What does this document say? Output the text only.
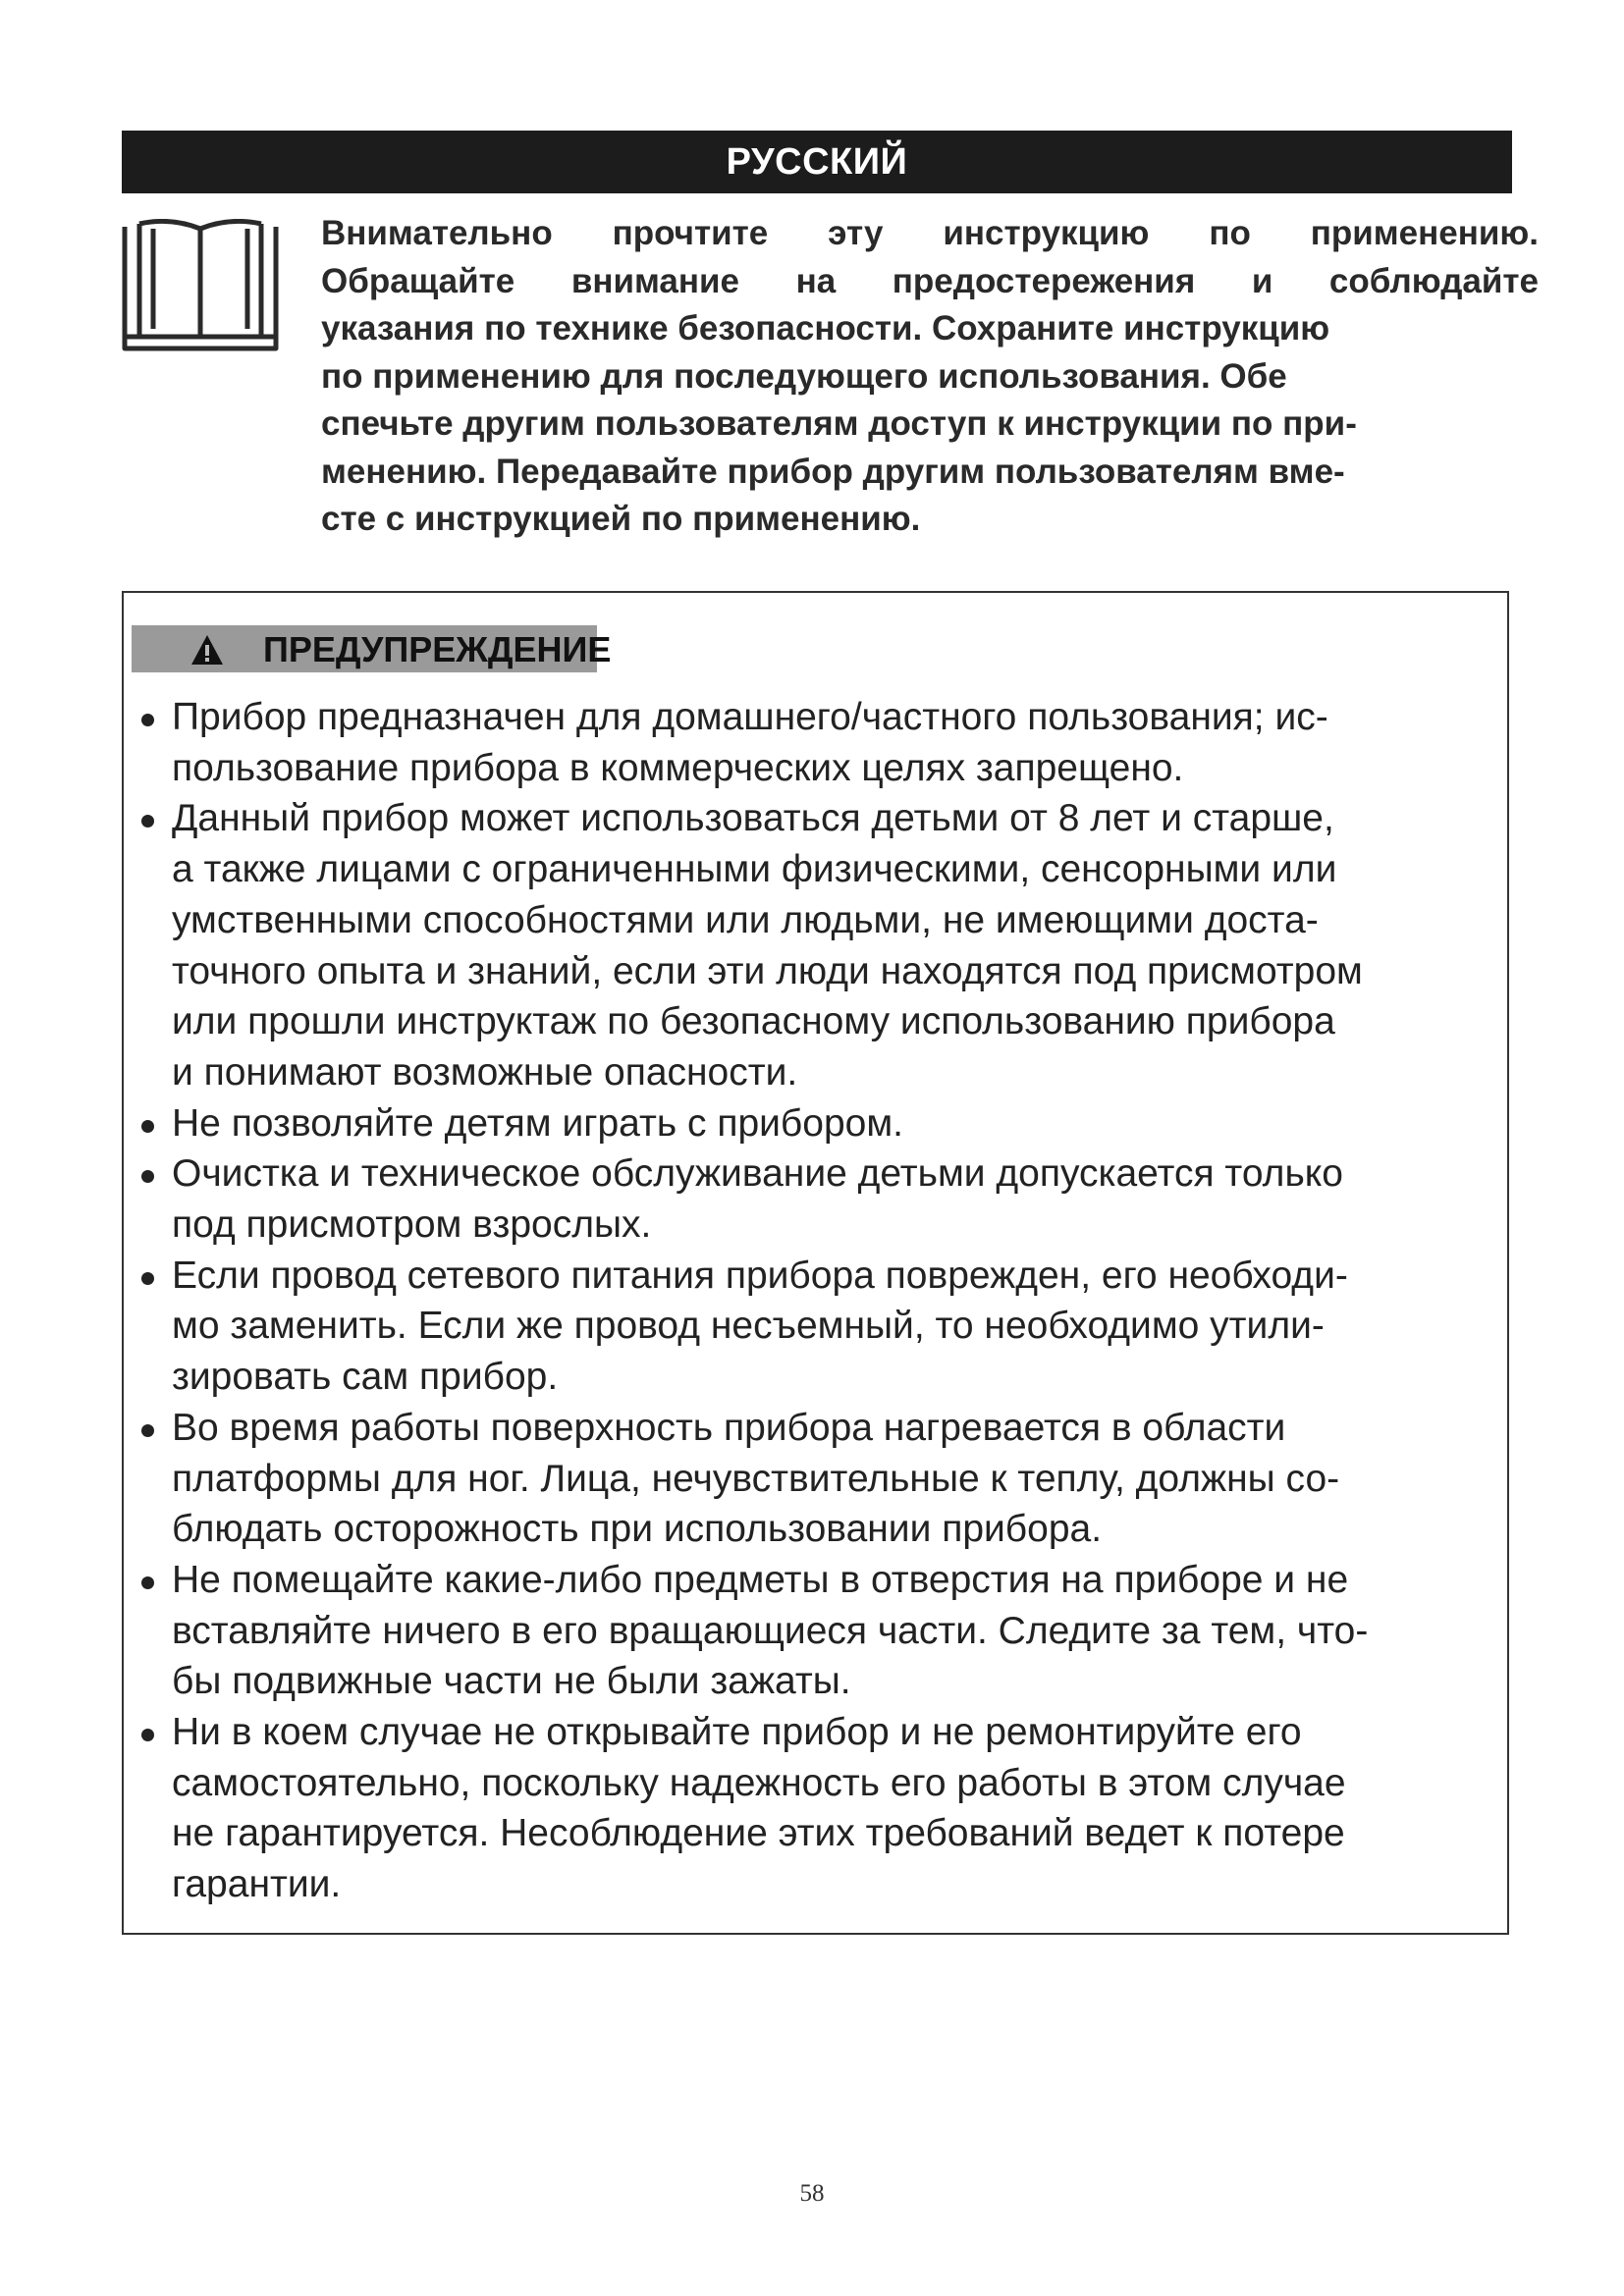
РУССКИЙ
Внимательно прочтите эту инструкцию по применению.
Обращайте внимание на предостережения и соблюдайте
указания по технике безопасности. Сохраните инструкцию
по применению для последующего использования. Обе
спечьте другим пользователям доступ к инструкции по при-
менению. Передавайте прибор другим пользователям вме-
сте с инструкцией по применению.
ПРЕДУПРЕЖДЕНИЕ
Прибор предназначен для домашнего/частного пользования; ис-
пользование прибора в коммерческих целях запрещено.
Данный прибор может использоваться детьми от 8 лет и старше,
а также лицами с ограниченными физическими, сенсорными или
умственными способностями или людьми, не имеющими доста-
точного опыта и знаний, если эти люди находятся под присмотром
или прошли инструктаж по безопасному использованию прибора
и понимают возможные опасности.
Не позволяйте детям играть с прибором.
Очистка и техническое обслуживание детьми допускается только
под присмотром взрослых.
Если провод сетевого питания прибора поврежден, его необходи-
мо заменить. Если же провод несъемный, то необходимо утили-
зировать сам прибор.
Во время работы поверхность прибора нагревается в области
платформы для ног. Лица, нечувствительные к теплу, должны со-
блюдать осторожность при использовании прибора.
Не помещайте какие-либо предметы в отверстия на приборе и не
вставляйте ничего в его вращающиеся части. Следите за тем, что-
бы подвижные части не были зажаты.
Ни в коем случае не открывайте прибор и не ремонтируйте его
самостоятельно, поскольку надежность его работы в этом случае
не гарантируется. Несоблюдение этих требований ведет к потере
гарантии.
58
